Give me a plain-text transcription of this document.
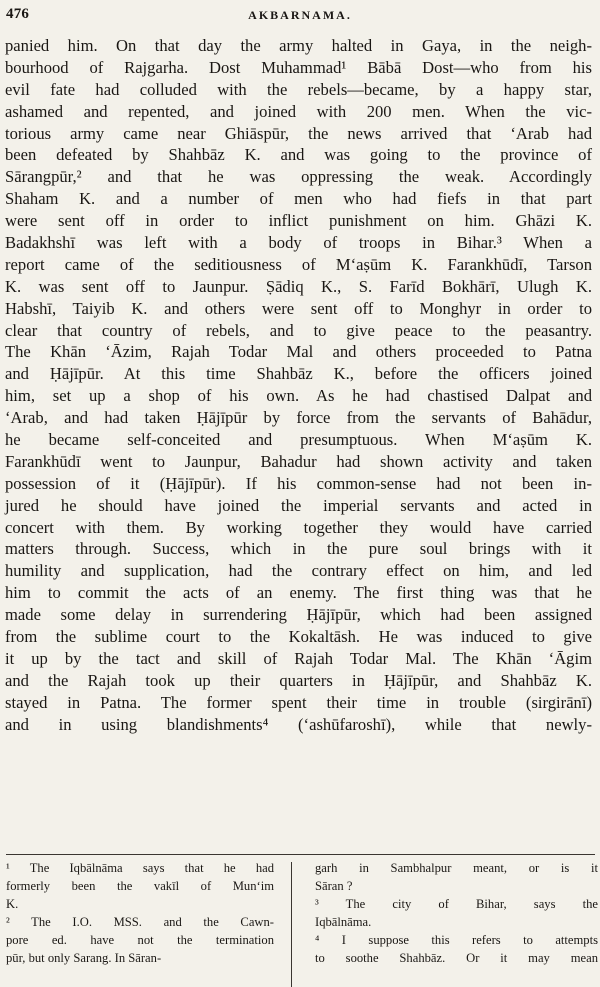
476	AKBARNAMA.
panied him. On that day the army halted in Gaya, in the neigh-
bourhood of Rajgarha. Dost Muhammad¹ Bābā Dost—who from his
evil fate had colluded with the rebels—became, by a happy star,
ashamed and repented, and joined with 200 men. When the vic-
torious army came near Ghiāspūr, the news arrived that ‘Arab had
been defeated by Shahbāz K. and was going to the province of
Sārangpūr,² and that he was oppressing the weak. Accordingly
Shaham K. and a number of men who had fiefs in that part
were sent off in order to inflict punishment on him. Ghāzi K.
Badakhshī was left with a body of troops in Bihar.³ When a
report came of the seditiousness of M‘aṣūm K. Farankhūdī, Tarson
K. was sent off to Jaunpur. Ṣādiq K., S. Farīd Bokhārī, Ulugh K.
Habshī, Taiyib K. and others were sent off to Monghyr in order to
clear that country of rebels, and to give peace to the peasantry.
The Khān ‘Āzim, Rajah Todar Mal and others proceeded to Patna
and Ḥājīpūr. At this time Shahbāz K., before the officers joined
him, set up a shop of his own. As he had chastised Dalpat and
‘Arab, and had taken Ḥājīpūr by force from the servants of Bahādur,
he became self-conceited and presumptuous. When M‘aṣūm K.
Farankhūdī went to Jaunpur, Bahadur had shown activity and taken
possession of it (Ḥājīpūr). If his common-sense had not been in-
jured he should have joined the imperial servants and acted in
concert with them. By working together they would have carried
matters through. Success, which in the pure soul brings with it
humility and supplication, had the contrary effect on him, and led
him to commit the acts of an enemy. The first thing was that he
made some delay in surrendering Ḥājīpūr, which had been assigned
from the sublime court to the Kokaltāsh. He was induced to give
it up by the tact and skill of Rajah Todar Mal. The Khān ‘Āgim
and the Rajah took up their quarters in Ḥājīpūr, and Shahbāz K.
stayed in Patna. The former spent their time in trouble (sirgirānī)
and in using blandishments⁴ (‘ashūfaroshī), while that newly-
¹ The Iqbālnāma says that he had
formerly been the vakīl of Mun‘im
K.
² The I.O. MSS. and the Cawn-
pore ed. have not the termination
pūr, but only Sarang. In Sāran-
garh in Sambhalpur meant, or is it
Sāran ?
³ The city of Bihar, says the
Iqbālnāma.
⁴ I suppose this refers to attempts
to soothe Shahbāz. Or it may mean
